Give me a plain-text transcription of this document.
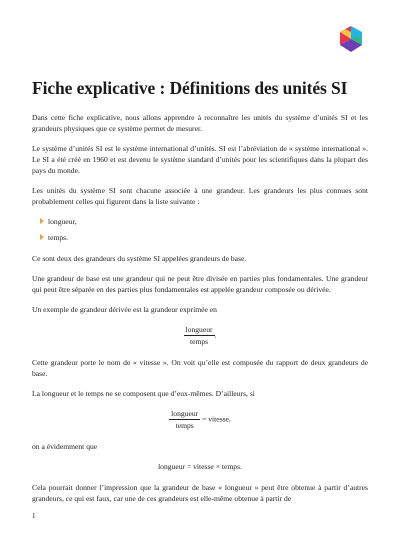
Fiche explicative : Définitions des unités SI

Dans cette fiche explicative, nous allons apprendre à reconnaître les unités du système d’unités SI et les grandeurs physiques que ce système permet de mesurer.

Le système d’unités SI est le système international d’unités. SI est l’abréviation de « système international ». Le SI a été créé en 1960 et est devenu le système standard d’unités pour les scientifiques dans la plupart des pays du monde.

Les unités du système SI sont chacune associée à une grandeur. Les grandeurs les plus connues sont probablement celles qui figurent dans la liste suivante :

longueur,
temps.

Ce sont deux des grandeurs du système SI appelées grandeurs de base.

Une grandeur de base est une grandeur qui ne peut être divisée en parties plus fondamentales. Une grandeur qui peut être séparée en des parties plus fondamentales est appelée grandeur composée ou dérivée.

Un exemple de grandeur dérivée est la grandeur exprimée en

$\frac{\text{longueur}}{\text{temps}}$ .

Cette grandeur porte le nom de « vitesse ». On voit qu’elle est composée du rapport de deux grandeurs de base.

La longueur et le temps ne se composent que d’eux-mêmes. D’ailleurs, si

$\frac{\text{longueur}}{\text{temps}}$ = vitesse,

on a évidemment que

longueur = vitesse × temps.

Cela pourrait donner l’impression que la grandeur de base « longueur » peut être obtenue à partir d’autres grandeurs, ce qui est faux, car une de ces grandeurs est elle-même obtenue à partir de

1
